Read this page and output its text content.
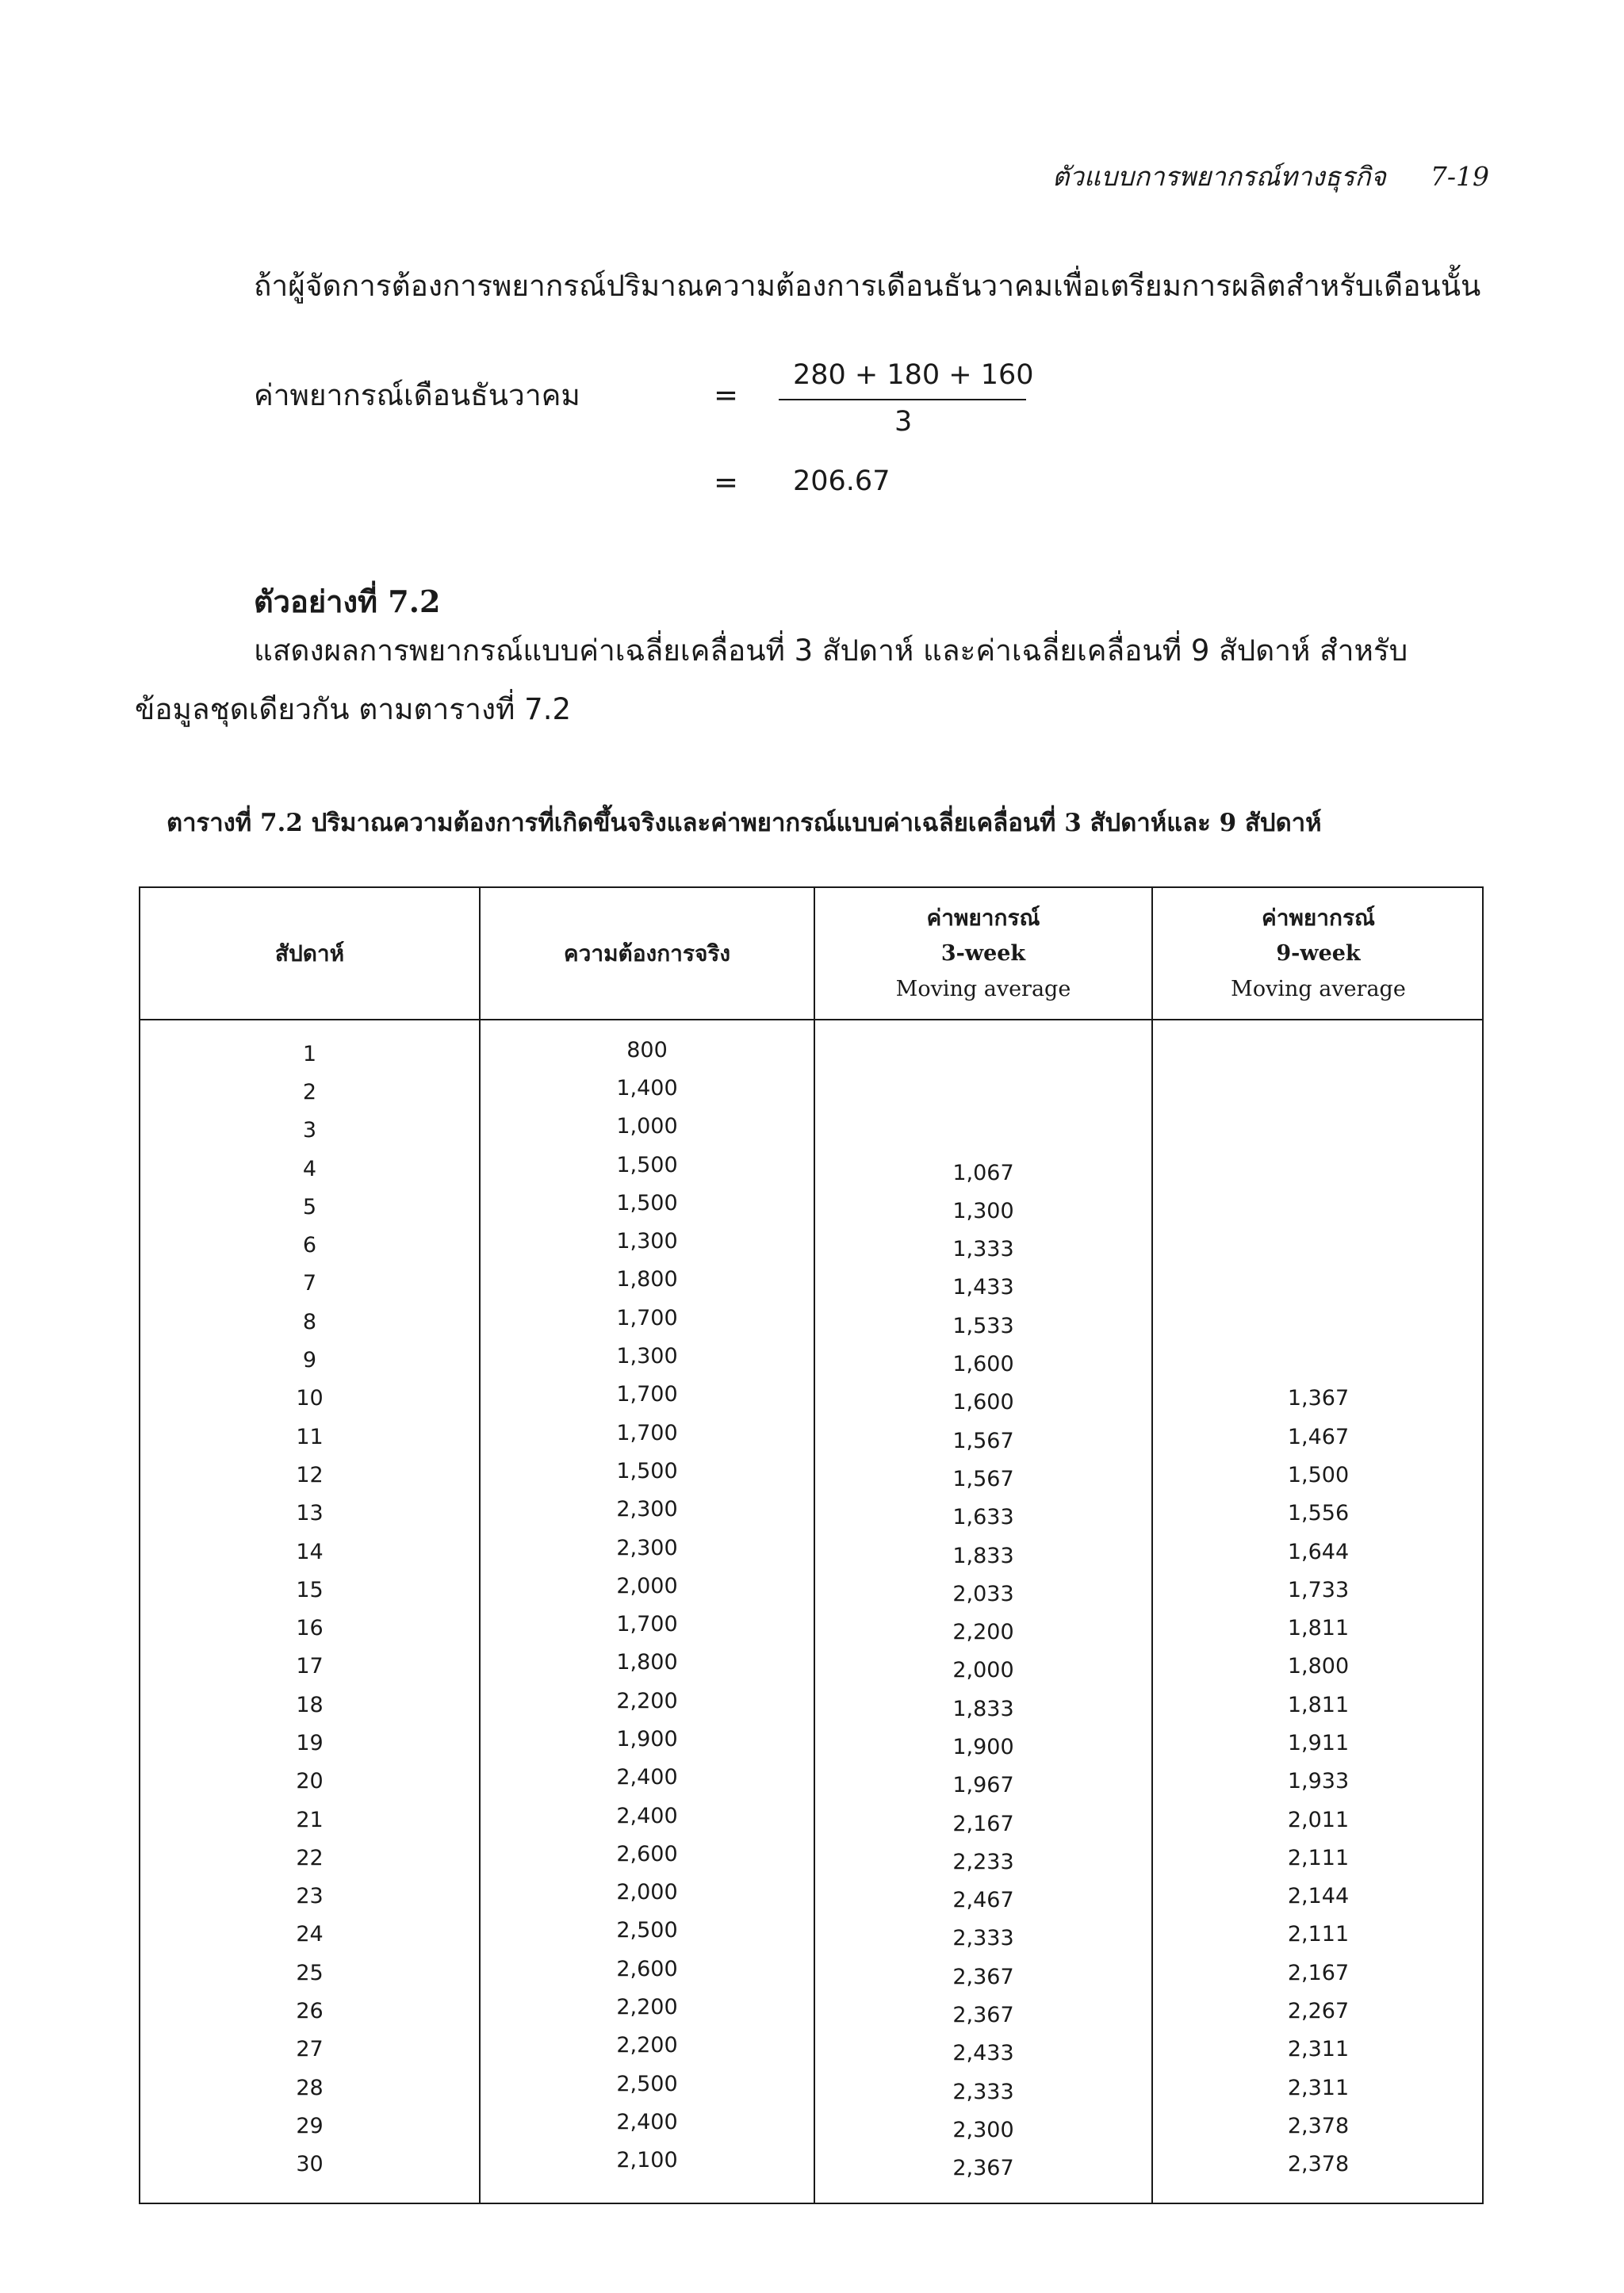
ตัวแบบการพยากรณ์ทางธุรกิจ 7-19
ถ้าผู้จัดการต้องการพยากรณ์ปริมาณความต้องการเดือนธันวาคมเพื่อเตรียมการผลิตสำหรับเดือนนั้น
ค่าพยากรณ์เดือนธันวาคม	=
280 + 180 + 160
3
= 206.67
ตัวอย่างที่ 7.2
แสดงผลการพยากรณ์แบบค่าเฉลี่ยเคลื่อนที่ 3 สัปดาห์ และค่าเฉลี่ยเคลื่อนที่ 9 สัปดาห์ สำหรับ
ข้อมูลชุดเดียวกัน ตามตารางที่ 7.2
ตารางที่ 7.2 ปริมาณความต้องการที่เกิดขึ้นจริงและค่าพยากรณ์แบบค่าเฉลี่ยเคลื่อนที่ 3 สัปดาห์และ 9 สัปดาห์
สัปดาห์	ความต้องการจริง
ค่าพยากรณ์
3-week
Moving average
ค่าพยากรณ์
9-week
Moving average
1	800
2	1,400
3	1,000
4	1,500	1,067
5	1,500	1,300
6	1,300	1,333
7	1,800	1,433
8	1,700	1,533
9	1,300	1,600
10	1,700	1,600	1,367
11	1,700	1,567	1,467
12	1,500	1,567	1,500
13	2,300	1,633	1,556
14	2,300	1,833	1,644
15	2,000	2,033	1,733
16	1,700	2,200	1,811
17	1,800	2,000	1,800
18	2,200	1,833	1,811
19	1,900	1,900	1,911
20	2,400	1,967	1,933
21	2,400	2,167	2,011
22	2,600	2,233	2,111
23	2,000	2,467	2,144
24	2,500	2,333	2,111
25	2,600	2,367	2,167
26	2,200	2,367	2,267
27	2,200	2,433	2,311
28	2,500	2,333	2,311
29	2,400	2,300	2,378
30	2,100	2,367	2,378
